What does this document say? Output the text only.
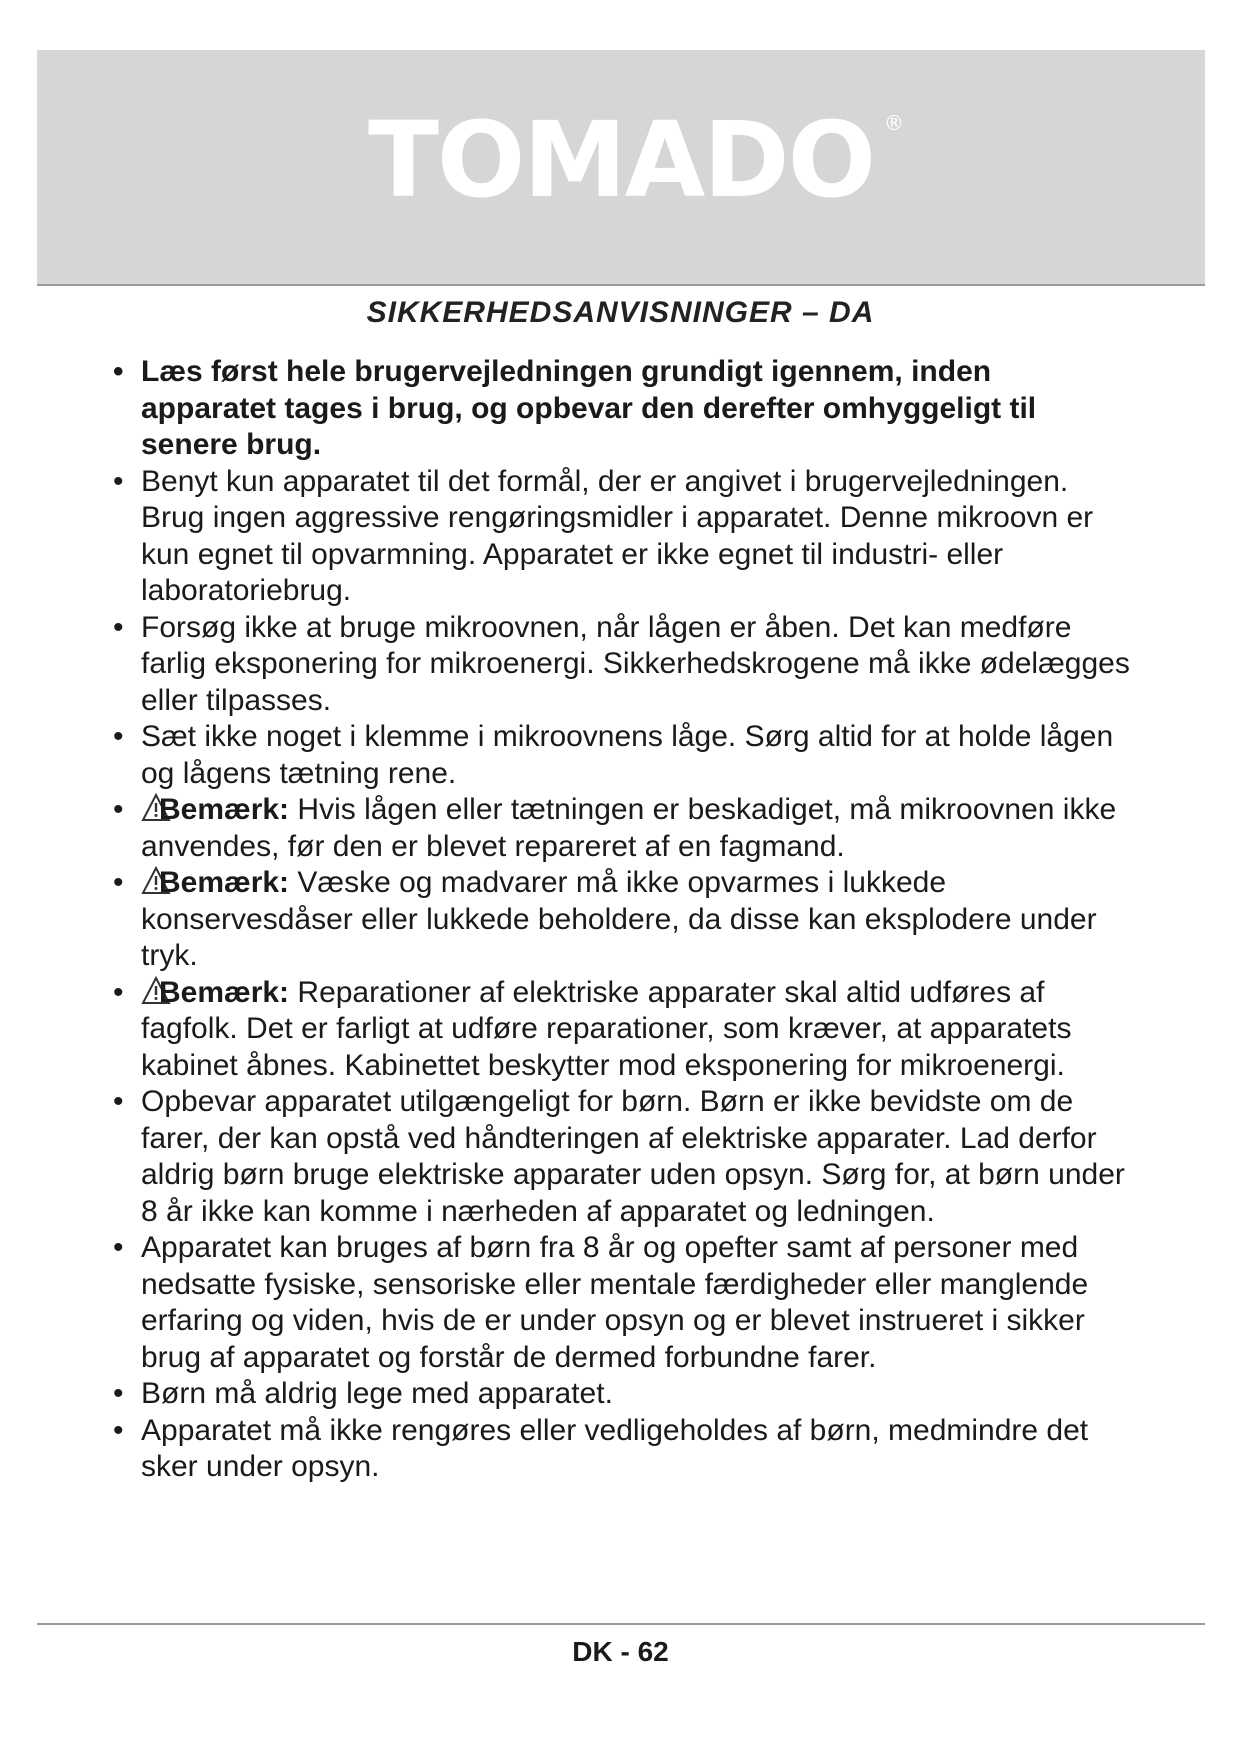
TOMADO ®
SIKKERHEDSANVISNINGER – DA
• Læs først hele brugervejledningen grundigt igennem, inden apparatet tages i brug, og opbevar den derefter omhyggeligt til senere brug.
• Benyt kun apparatet til det formål, der er angivet i brugervejledningen. Brug ingen aggressive rengøringsmidler i apparatet. Denne mikroovn er kun egnet til opvarmning. Apparatet er ikke egnet til industri- eller laboratoriebrug.
• Forsøg ikke at bruge mikroovnen, når lågen er åben. Det kan medføre farlig eksponering for mikroenergi. Sikkerhedskrogene må ikke ødelægges eller tilpasses.
• Sæt ikke noget i klemme i mikroovnens låge. Sørg altid for at holde lågen og lågens tætning rene.
•	Bemærk: Hvis lågen eller tætningen er beskadiget, må mikroovnen ikke anvendes, før den er blevet repareret af en fagmand.
•	Bemærk: Væske og madvarer må ikke opvarmes i lukkede konservesdåser eller lukkede beholdere, da disse kan eksplodere under tryk.
•	Bemærk: Reparationer af elektriske apparater skal altid udføres af fagfolk. Det er farligt at udføre reparationer, som kræver, at apparatets kabinet åbnes. Kabinettet beskytter mod eksponering for mikroenergi.
• Opbevar apparatet utilgængeligt for børn. Børn er ikke bevidste om de farer, der kan opstå ved håndteringen af elektriske apparater. Lad derfor aldrig børn bruge elektriske apparater uden opsyn. Sørg for, at børn under 8 år ikke kan komme i nærheden af apparatet og ledningen.
• Apparatet kan bruges af børn fra 8 år og opefter samt af personer med nedsatte fysiske, sensoriske eller mentale færdigheder eller manglende erfaring og viden, hvis de er under opsyn og er blevet instrueret i sikker brug af apparatet og forstår de dermed forbundne farer.
• Børn må aldrig lege med apparatet.
• Apparatet må ikke rengøres eller vedligeholdes af børn, medmindre det sker under opsyn.
DK - 62
